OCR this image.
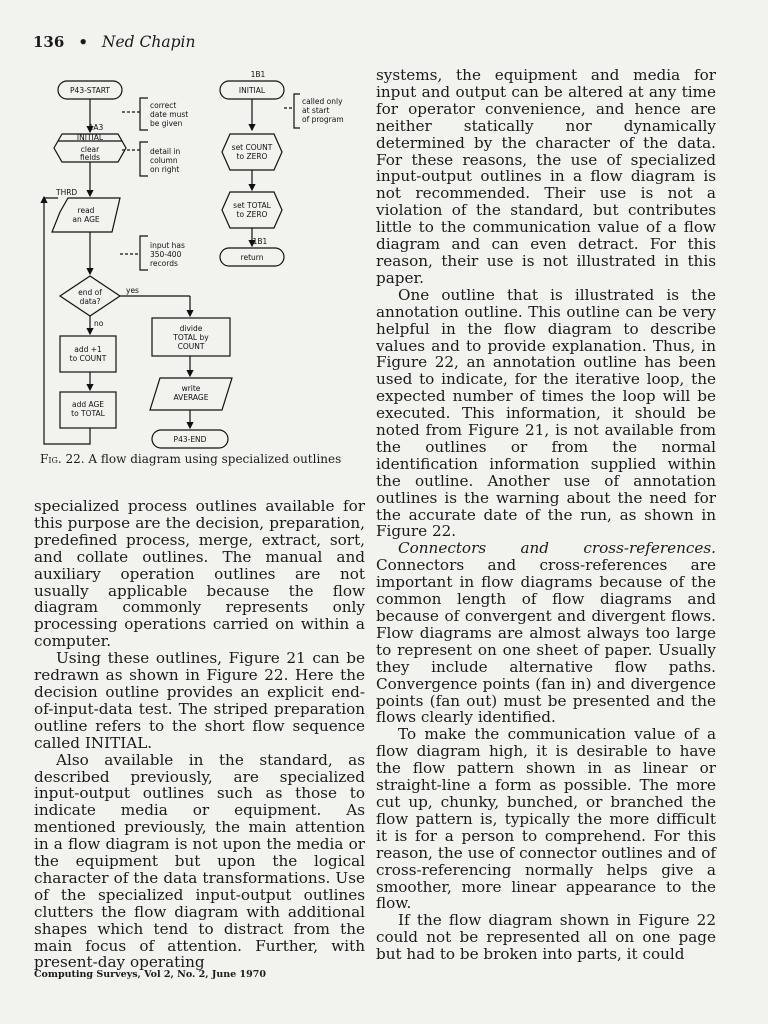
136 • Ned Chapin
P43-START
1A3
INITIAL
clear
fields
THRD
read
an AGE
end of
data?
yes
no
add +1
to COUNT
add AGE
to TOTAL
divide
TOTAL by
COUNT
write
AVERAGE
P43-END
1B1
INITIAL
set COUNT
to ZERO
set TOTAL
to ZERO
1B1
return
correct
date must
be given
detail in
column
on right
input has
350-400
records
called only
at start
of program
Fig. 22. A flow diagram using specialized outlines

specialized process outlines available for this purpose are the decision, preparation, predefined process, merge, extract, sort, and collate outlines. The manual and auxiliary operation outlines are not usually applicable because the flow diagram commonly represents only processing operations carried on within a computer.

Using these outlines, Figure 21 can be redrawn as shown in Figure 22. Here the decision outline provides an explicit end-of-input-data test. The striped preparation outline refers to the short flow sequence called INITIAL.

Also available in the standard, as described previously, are specialized input-output outlines such as those to indicate media or equipment. As mentioned previously, the main attention in a flow diagram is not upon the media or the equipment but upon the logical character of the data transformations. Use of the specialized input-output outlines clutters the flow diagram with additional shapes which tend to distract from the main focus of attention. Further, with present-day operating

systems, the equipment and media for input and output can be altered at any time for operator convenience, and hence are neither statically nor dynamically determined by the character of the data. For these reasons, the use of specialized input-output outlines in a flow diagram is not recommended. Their use is not a violation of the standard, but contributes little to the communication value of a flow diagram and can even detract. For this reason, their use is not illustrated in this paper.

One outline that is illustrated is the annotation outline. This outline can be very helpful in the flow diagram to describe values and to provide explanation. Thus, in Figure 22, an annotation outline has been used to indicate, for the iterative loop, the expected number of times the loop will be executed. This information, it should be noted from Figure 21, is not available from the outlines or from the normal identification information supplied within the outline. Another use of annotation outlines is the warning about the need for the accurate date of the run, as shown in Figure 22.

Connectors and cross-references. Connectors and cross-references are important in flow diagrams because of the common length of flow diagrams and because of convergent and divergent flows. Flow diagrams are almost always too large to represent on one sheet of paper. Usually they include alternative flow paths. Convergence points (fan in) and divergence points (fan out) must be presented and the flows clearly identified.

To make the communication value of a flow diagram high, it is desirable to have the flow pattern shown in as linear or straight-line a form as possible. The more cut up, chunky, bunched, or branched the flow pattern is, typically the more difficult it is for a person to comprehend. For this reason, the use of connector outlines and of cross-referencing normally helps give a smoother, more linear appearance to the flow.

If the flow diagram shown in Figure 22 could not be represented all on one page but had to be broken into parts, it could

Computing Surveys, Vol 2, No. 2, June 1970
